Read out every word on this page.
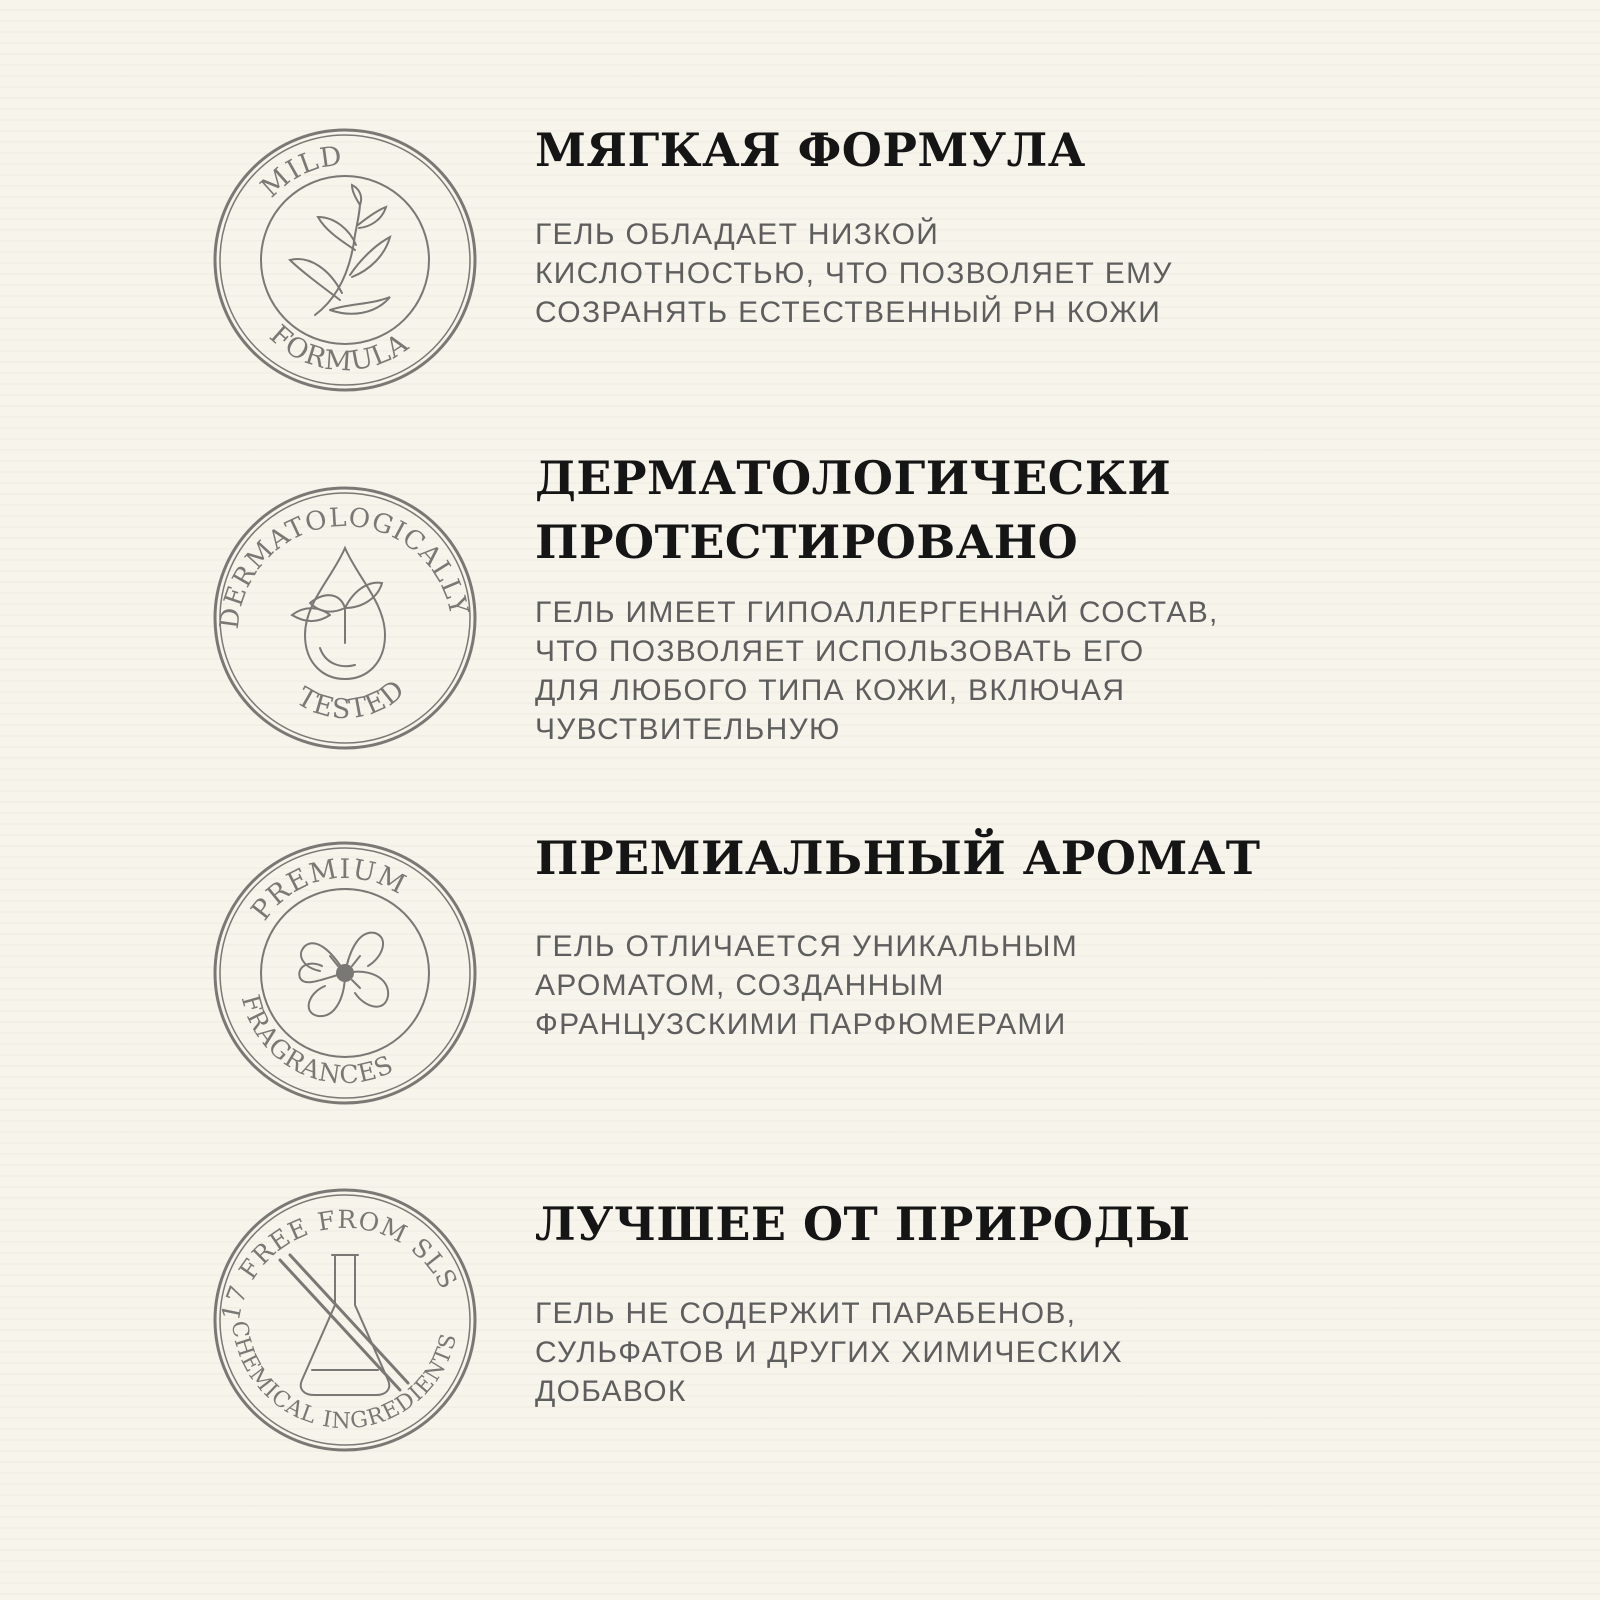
MILD
FORMULA
МЯГКАЯ ФОРМУЛА

ГЕЛЬ ОБЛАДАЕТ НИЗКОЙ
КИСЛОТНОСТЬЮ, ЧТО ПОЗВОЛЯЕТ ЕМУ
СОЗРАНЯТЬ ЕСТЕСТВЕННЫЙ PH КОЖИ

DERMATOLOGICALLY
TESTED
ДЕРМАТОЛОГИЧЕСКИ
ПРОТЕСТИРОВАНО

ГЕЛЬ ИМЕЕТ ГИПОАЛЛЕРГЕННАЙ СОСТАВ,
ЧТО ПОЗВОЛЯЕТ ИСПОЛЬЗОВАТЬ ЕГО
ДЛЯ ЛЮБОГО ТИПА КОЖИ, ВКЛЮЧАЯ
ЧУВСТВИТЕЛЬНУЮ

PREMIUM
FRAGRANCES
ПРЕМИАЛЬНЫЙ АРОМАТ

ГЕЛЬ ОТЛИЧАЕТСЯ УНИКАЛЬНЫМ
АРОМАТОМ, СОЗДАННЫМ
ФРАНЦУЗСКИМИ ПАРФЮМЕРАМИ

17 FREE FROM SLS
CHEMICAL INGREDIENTS
ЛУЧШЕЕ ОТ ПРИРОДЫ

ГЕЛЬ НЕ СОДЕРЖИТ ПАРАБЕНОВ,
СУЛЬФАТОВ И ДРУГИХ ХИМИЧЕСКИХ
ДОБАВОК
